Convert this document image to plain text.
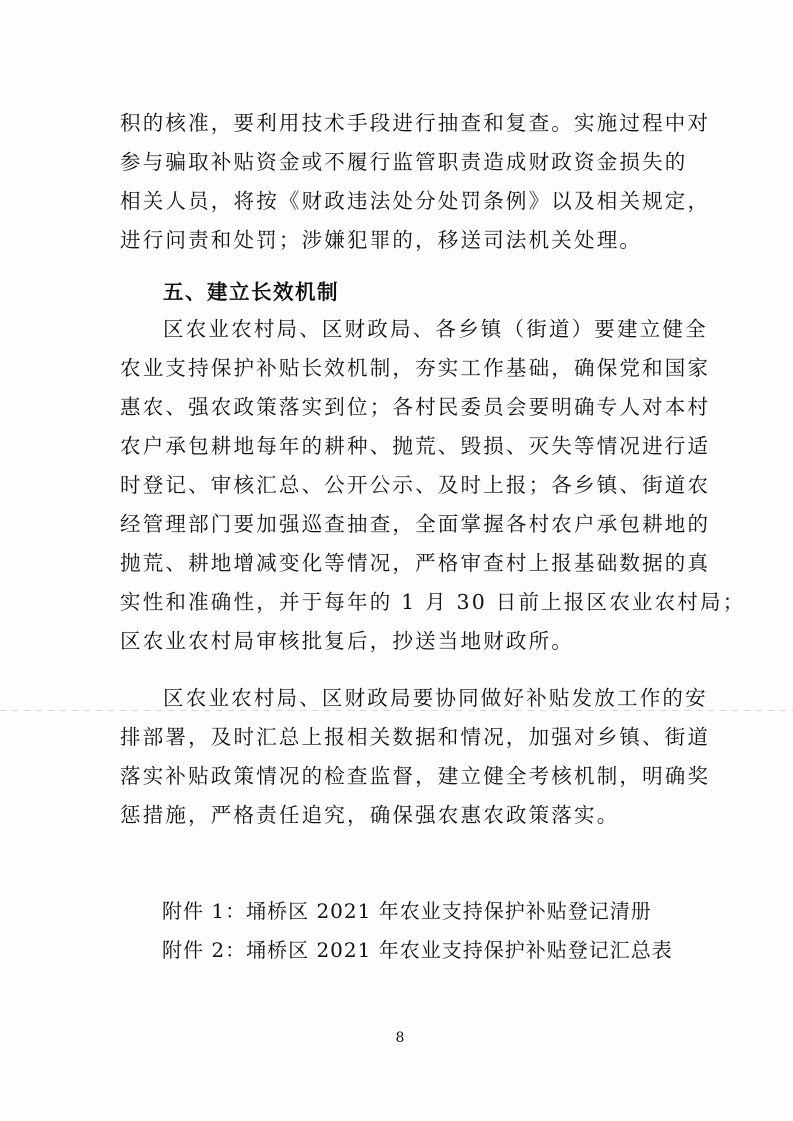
积的核准，要利用技术手段进行抽查和复查。实施过程中对
参与骗取补贴资金或不履行监管职责造成财政资金损失的
相关人员，将按《财政违法处分处罚条例》以及相关规定，
进行问责和处罚；涉嫌犯罪的，移送司法机关处理。
五、建立长效机制
区农业农村局、区财政局、各乡镇（街道）要建立健全
农业支持保护补贴长效机制，夯实工作基础，确保党和国家
惠农、强农政策落实到位；各村民委员会要明确专人对本村
农户承包耕地每年的耕种、抛荒、毁损、灭失等情况进行适
时登记、审核汇总、公开公示、及时上报；各乡镇、街道农
经管理部门要加强巡查抽查，全面掌握各村农户承包耕地的
抛荒、耕地增减变化等情况，严格审查村上报基础数据的真
实性和准确性，并于每年的 1 月 30 日前上报区农业农村局；
区农业农村局审核批复后，抄送当地财政所。
区农业农村局、区财政局要协同做好补贴发放工作的安
排部署，及时汇总上报相关数据和情况，加强对乡镇、街道
落实补贴政策情况的检查监督，建立健全考核机制，明确奖
惩措施，严格责任追究，确保强农惠农政策落实。
附件 1：埇桥区 2021 年农业支持保护补贴登记清册
附件 2：埇桥区 2021 年农业支持保护补贴登记汇总表
8
